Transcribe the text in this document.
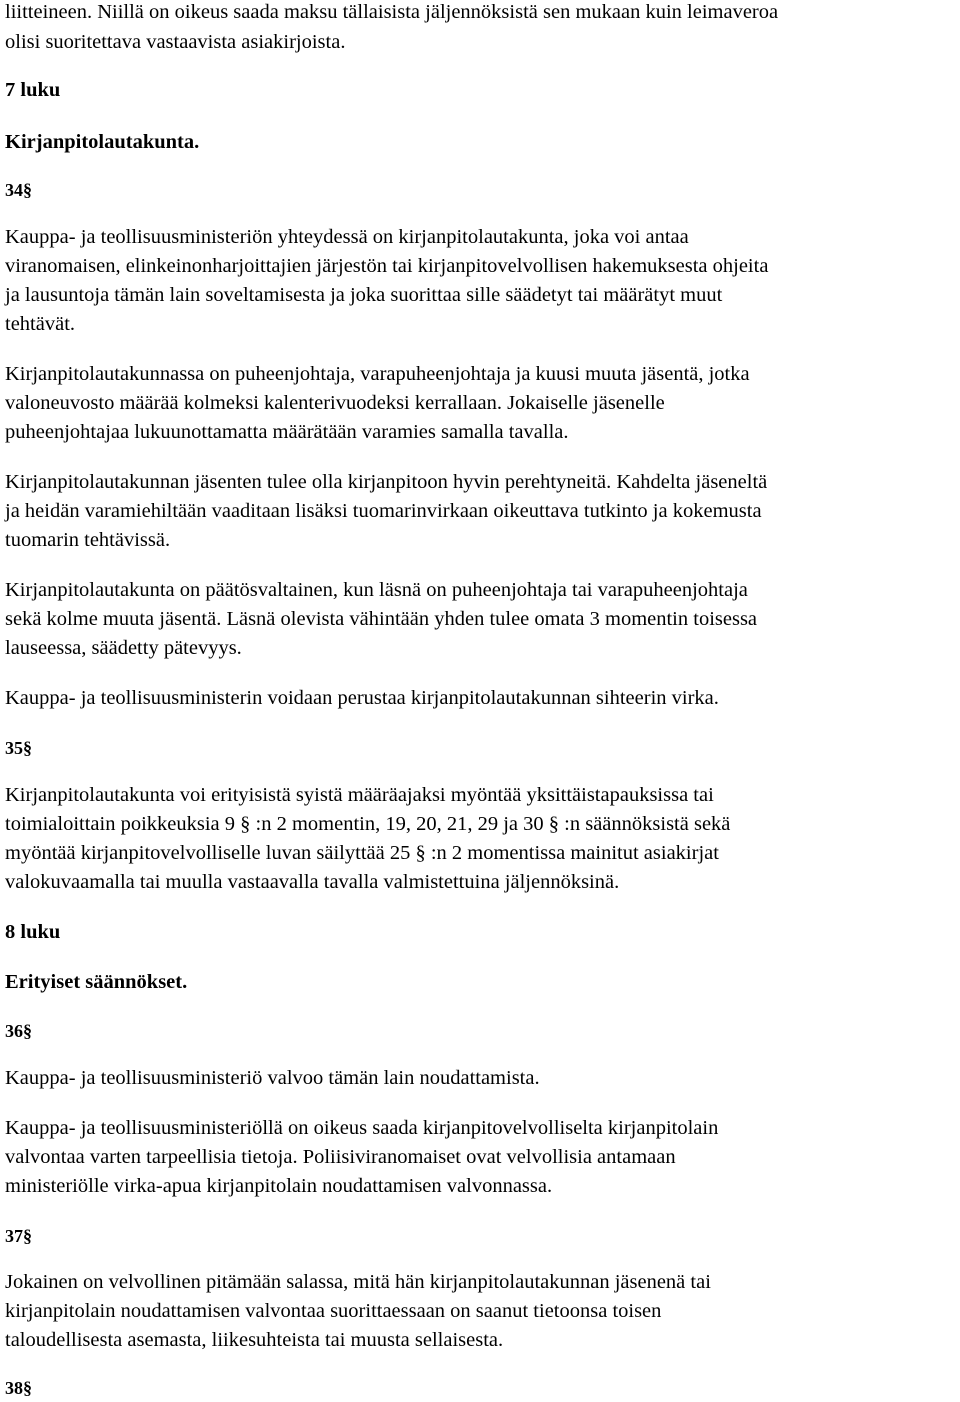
liitteineen. Niillä on oikeus saada maksu tällaisista jäljennöksistä sen mukaan kuin leimaveroa
olisi suoritettava vastaavista asiakirjoista.
7 luku
Kirjanpitolautakunta.
34§
Kauppa- ja teollisuusministeriön yhteydessä on kirjanpitolautakunta, joka voi antaa
viranomaisen, elinkeinonharjoittajien järjestön tai kirjanpitovelvollisen hakemuksesta ohjeita
ja lausuntoja tämän lain soveltamisesta ja joka suorittaa sille säädetyt tai määrätyt muut
tehtävät.
Kirjanpitolautakunnassa on puheenjohtaja, varapuheenjohtaja ja kuusi muuta jäsentä, jotka
valoneuvosto määrää kolmeksi kalenterivuodeksi kerrallaan. Jokaiselle jäsenelle
puheenjohtajaa lukuunottamatta määrätään varamies samalla tavalla.
Kirjanpitolautakunnan jäsenten tulee olla kirjanpitoon hyvin perehtyneitä. Kahdelta jäseneltä
ja heidän varamiehiltään vaaditaan lisäksi tuomarinvirkaan oikeuttava tutkinto ja kokemusta
tuomarin tehtävissä.
Kirjanpitolautakunta on päätösvaltainen, kun läsnä on puheenjohtaja tai varapuheenjohtaja
sekä kolme muuta jäsentä. Läsnä olevista vähintään yhden tulee omata 3 momentin toisessa
lauseessa, säädetty pätevyys.
Kauppa- ja teollisuusministerin voidaan perustaa kirjanpitolautakunnan sihteerin virka.
35§
Kirjanpitolautakunta voi erityisistä syistä määräajaksi myöntää yksittäistapauksissa tai
toimialoittain poikkeuksia 9 § :n 2 momentin, 19, 20, 21, 29 ja 30 § :n säännöksistä sekä
myöntää kirjanpitovelvolliselle luvan säilyttää 25 § :n 2 momentissa mainitut asiakirjat
valokuvaamalla tai muulla vastaavalla tavalla valmistettuina jäljennöksinä.
8 luku
Erityiset säännökset.
36§
Kauppa- ja teollisuusministeriö valvoo tämän lain noudattamista.
Kauppa- ja teollisuusministeriöllä on oikeus saada kirjanpitovelvolliselta kirjanpitolain
valvontaa varten tarpeellisia tietoja. Poliisiviranomaiset ovat velvollisia antamaan
ministeriölle virka-apua kirjanpitolain noudattamisen valvonnassa.
37§
Jokainen on velvollinen pitämään salassa, mitä hän kirjanpitolautakunnan jäsenenä tai
kirjanpitolain noudattamisen valvontaa suorittaessaan on saanut tietoonsa toisen
taloudellisesta asemasta, liikesuhteista tai muusta sellaisesta.
38§
